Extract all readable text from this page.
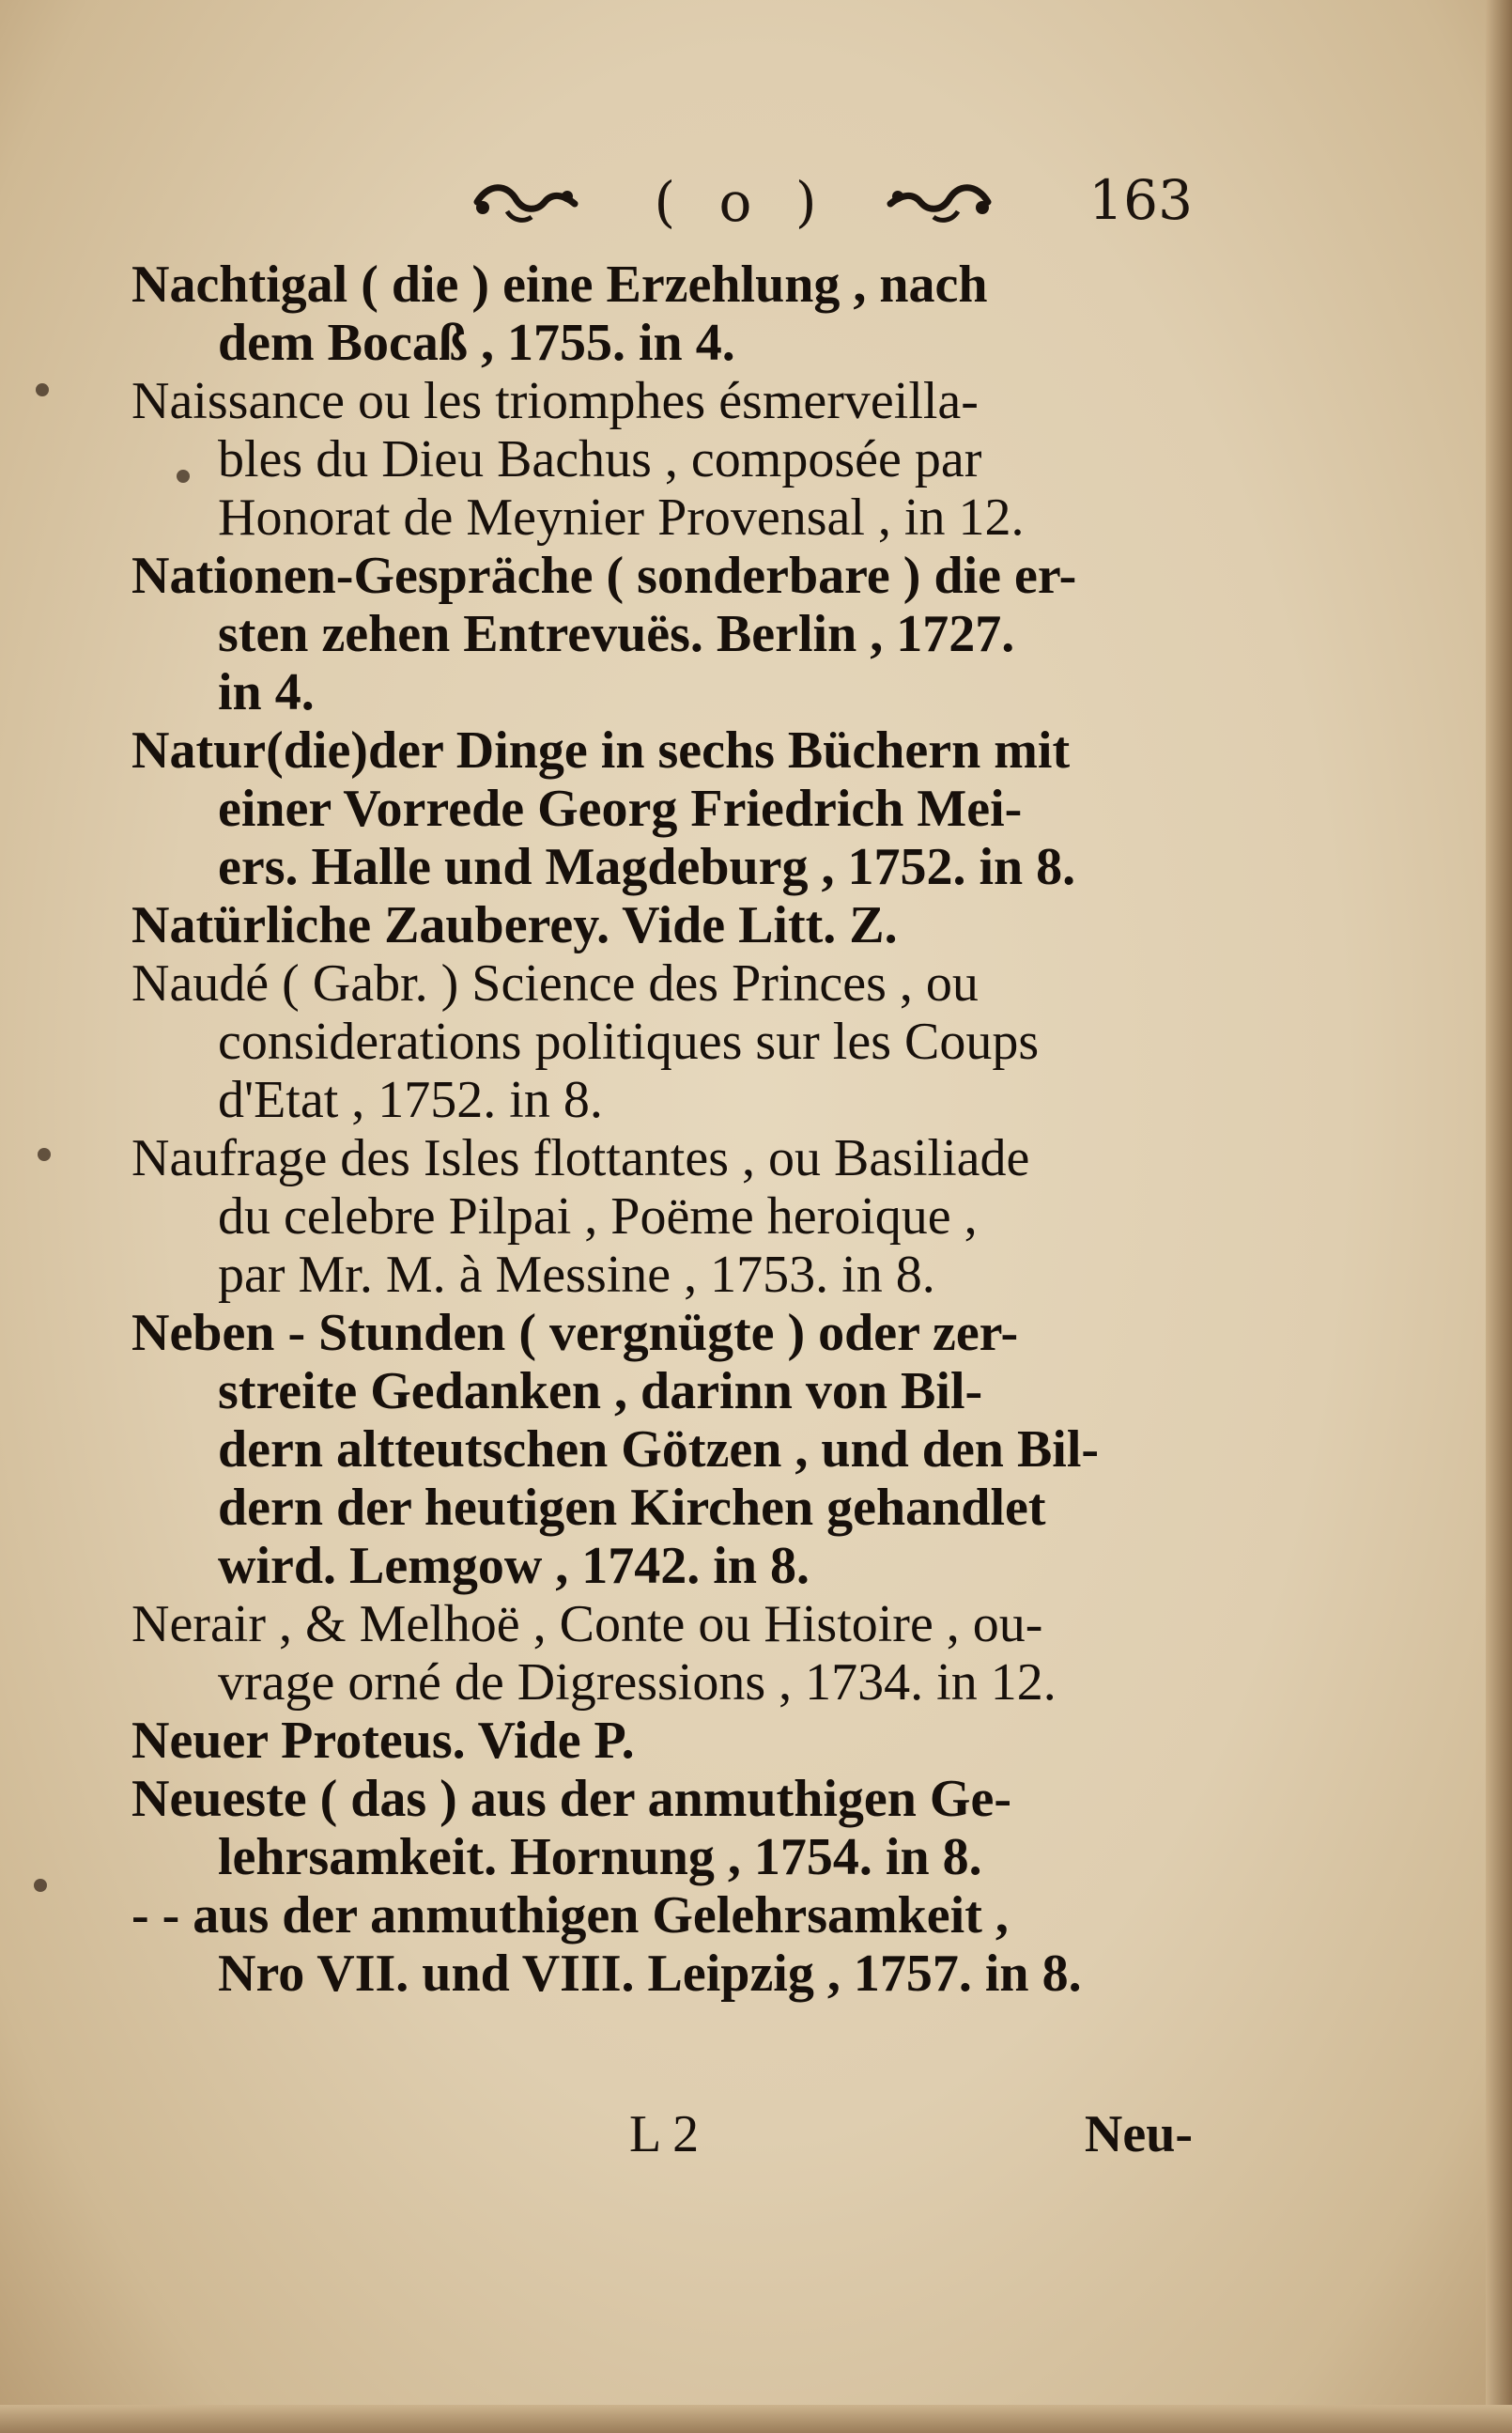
( o )	163
Nachtigal ( die ) eine Erzehlung , nach
dem Bocaß , 1755. in 4.
Naissance ou les triomphes ésmerveilla-
bles du Dieu Bachus , composée par
Honorat de Meynier Provensal , in 12.
Nationen-Gespräche ( sonderbare ) die er-
sten zehen Entrevuës. Berlin , 1727.
in 4.
Natur(die)der Dinge in sechs Büchern mit
einer Vorrede Georg Friedrich Mei-
ers. Halle und Magdeburg , 1752. in 8.
Natürliche Zauberey. Vide Litt. Z.
Naudé ( Gabr. ) Science des Princes , ou
considerations politiques sur les Coups
d'Etat , 1752. in 8.
Naufrage des Isles flottantes , ou Basiliade
du celebre Pilpai , Poëme heroique ,
par Mr. M. à Messine , 1753. in 8.
Neben - Stunden ( vergnügte ) oder zer-
streite Gedanken , darinn von Bil-
dern altteutschen Götzen , und den Bil-
dern der heutigen Kirchen gehandlet
wird. Lemgow , 1742. in 8.
Nerair , & Melhoë , Conte ou Histoire , ou-
vrage orné de Digressions , 1734. in 12.
Neuer Proteus. Vide P.
Neueste ( das ) aus der anmuthigen Ge-
lehrsamkeit. Hornung , 1754. in 8.
- - aus der anmuthigen Gelehrsamkeit ,
Nro VII. und VIII. Leipzig , 1757. in 8.
L 2	Neu-
